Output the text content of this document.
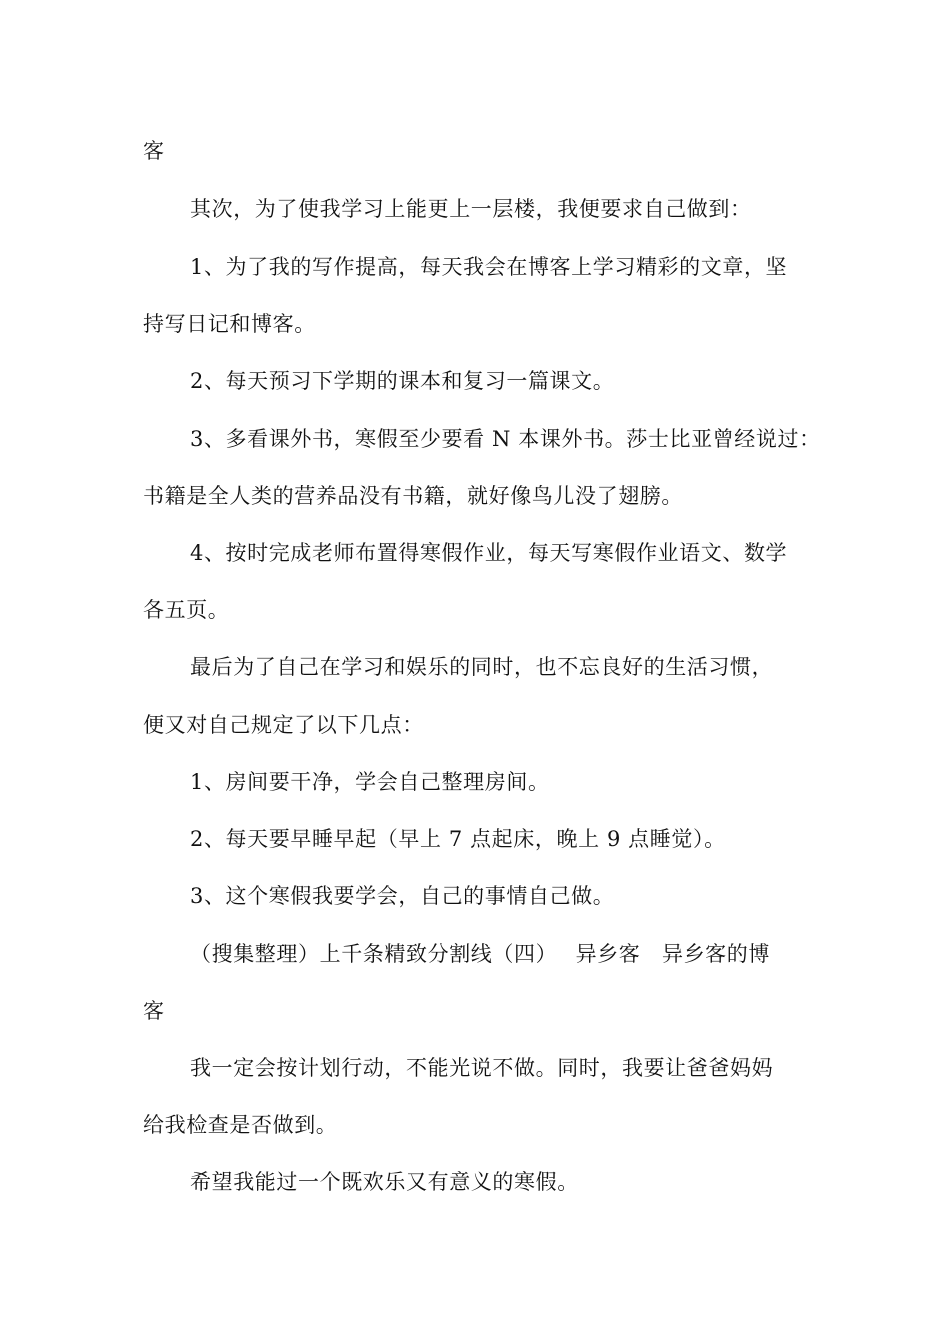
客
其次，为了使我学习上能更上一层楼，我便要求自己做到：
1、为了我的写作提高，每天我会在博客上学习精彩的文章，坚
持写日记和博客。
2、每天预习下学期的课本和复习一篇课文。
3、多看课外书，寒假至少要看 N 本课外书。莎士比亚曾经说过：
书籍是全人类的营养品没有书籍，就好像鸟儿没了翅膀。
4、按时完成老师布置得寒假作业，每天写寒假作业语文、数学
各五页。
最后为了自己在学习和娱乐的同时，也不忘良好的生活习惯，
便又对自己规定了以下几点：
1、房间要干净，学会自己整理房间。
2、每天要早睡早起（早上 7 点起床，晚上 9 点睡觉）。
3、这个寒假我要学会，自己的事情自己做。
（搜集整理）上千条精致分割线（四）　 异乡客　异乡客的博
客
我一定会按计划行动，不能光说不做。同时，我要让爸爸妈妈
给我检查是否做到。
希望我能过一个既欢乐又有意义的寒假。
